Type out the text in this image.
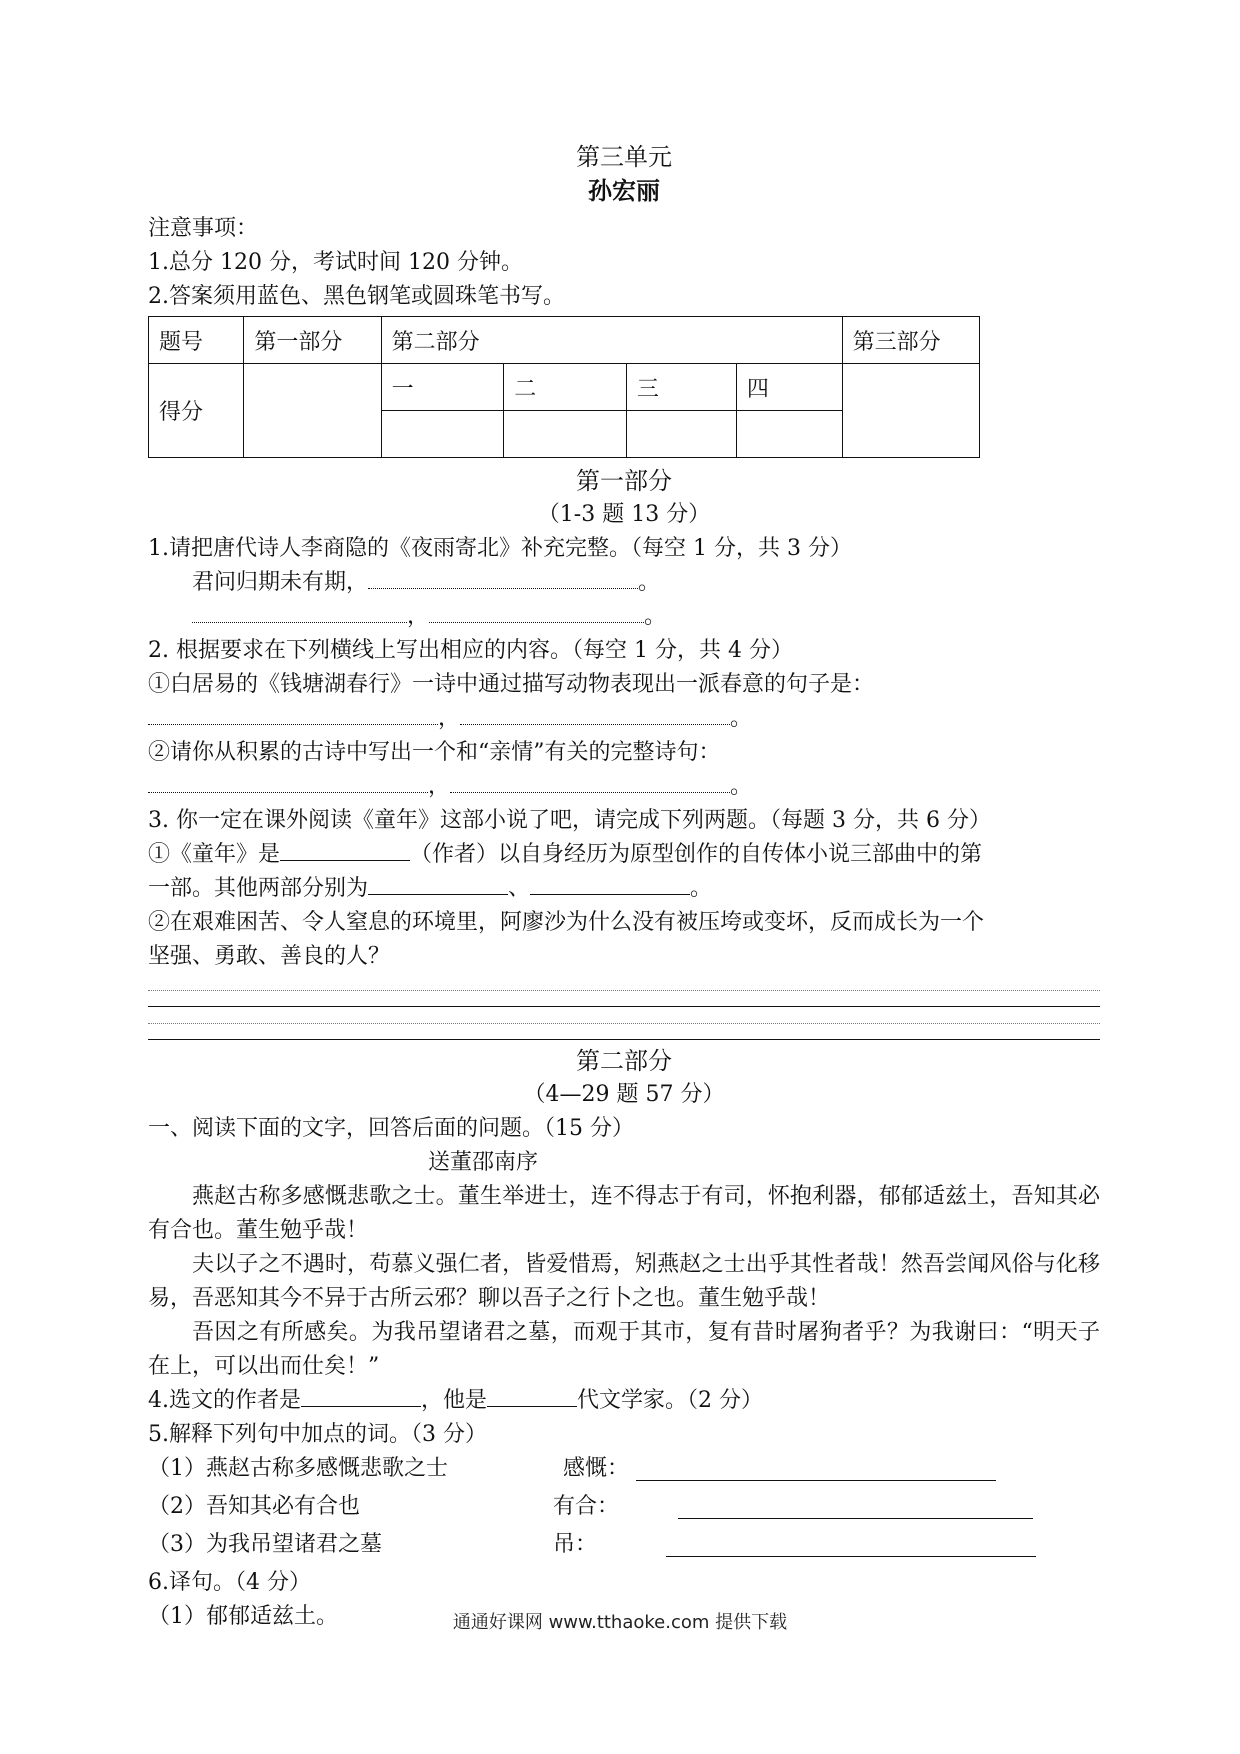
第三单元
孙宏丽
注意事项：
1.总分 120 分，考试时间 120 分钟。
2.答案须用蓝色、黑色钢笔或圆珠笔书写。
题号	第一部分	第二部分				第三部分
得分		一	二	三	四	

第一部分
（1-3 题 13 分）
1.请把唐代诗人李商隐的《夜雨寄北》补充完整。（每空 1 分，共 3 分）
君问归期未有期，	。
，	。
2. 根据要求在下列横线上写出相应的内容。（每空 1 分，共 4 分）
①白居易的《钱塘湖春行》一诗中通过描写动物表现出一派春意的句子是：
，	。
②请你从积累的古诗中写出一个和“亲情”有关的完整诗句：
，	。
3. 你一定在课外阅读《童年》这部小说了吧，请完成下列两题。（每题 3 分，共 6 分）
①《童年》是	（作者）以自身经历为原型创作的自传体小说三部曲中的第
一部。其他两部分别为	、	。
②在艰难困苦、令人窒息的环境里，阿廖沙为什么没有被压垮或变坏，反而成长为一个
坚强、勇敢、善良的人？
第二部分
（4—29 题 57 分）
一、阅读下面的文字，回答后面的问题。（15 分）
送董邵南序
燕赵古称多感慨悲歌之士。董生举进士，连不得志于有司，怀抱利器，郁郁适兹土，吾知其必有合也。董生勉乎哉！
夫以子之不遇时，苟慕义强仁者，皆爱惜焉，矧燕赵之士出乎其性者哉！然吾尝闻风俗与化移易，吾恶知其今不异于古所云邪？聊以吾子之行卜之也。董生勉乎哉！
吾因之有所感矣。为我吊望诸君之墓，而观于其市，复有昔时屠狗者乎？为我谢曰：“明天子在上，可以出而仕矣！”
4.选文的作者是	，他是	代文学家。（2 分）
5.解释下列句中加点的词。（3 分）
（1）燕赵古称多感慨悲歌之士	感慨：
（2）吾知其必有合也	有合：
（3）为我吊望诸君之墓	吊：
6.译句。（4 分）
（1）郁郁适兹土。	通通好课网 www.tthaoke.com 提供下载
